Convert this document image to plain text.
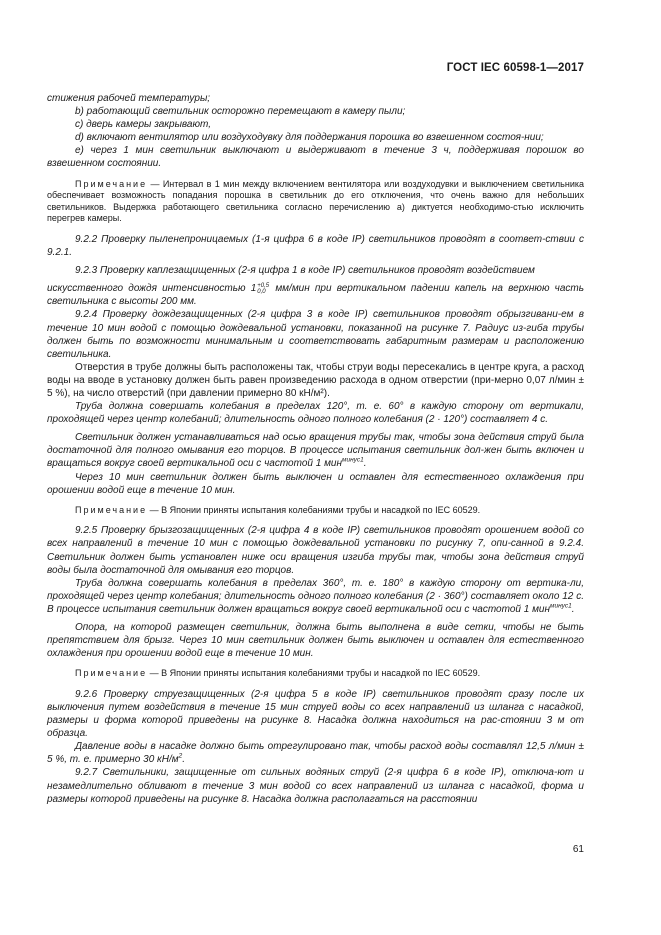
ГОСТ IEC 60598-1—2017

стижения рабочей температуры;

b) работающий светильник осторожно перемещают в камеру пыли;

c) дверь камеры закрывают,

d) включают вентилятор или воздуходувку для поддержания порошка во взвешенном состоя-нии;

e) через 1 мин светильник выключают и выдерживают в течение 3 ч, поддерживая порошок во взвешенном состоянии.

Примечание — Интервал в 1 мин между включением вентилятора или воздуходувки и выключением светильника обеспечивает возможность попадания порошка в светильник до его отключения, что очень важно для небольших светильников. Выдержка работающего светильника согласно перечислению а) диктуется необходимо-стью исключить перегрев камеры.

9.2.2 Проверку пыленепроницаемых (1-я цифра 6 в коде IP) светильников проводят в соответ-ствии с 9.2.1.

9.2.3 Проверку каплезащищенных (2-я цифра 1 в коде IP) светильников проводят воздействием

искусственного дождя интенсивностью 1 +0,5
0,0 мм/мин при вертикальном падении капель на верхнюю часть светильника с высоты 200 мм.

9.2.4 Проверку дождезащищенных (2-я цифра 3 в коде IP) светильников проводят обрызгивани-ем в течение 10 мин водой с помощью дождевальной установки, показанной на рисунке 7. Радиус из-гиба трубы должен быть по возможности минимальным и соответствовать габаритным размерам и расположению светильника.

Отверстия в трубе должны быть расположены так, чтобы струи воды пересекались в центре круга, а расход воды на вводе в установку должен быть равен произведению расхода в одном отверстии (при-мерно 0,07 л/мин ± 5 %), на число отверстий (при давлении примерно 80 кН/м²).

Труба должна совершать колебания в пределах 120°, т. е. 60° в каждую сторону от вертикали, проходящей через центр колебаний; длительность одного полного колебания (2 · 120°) составляет 4 с.

Светильник должен устанавливаться над осью вращения трубы так, чтобы зона действия струй была достаточной для полного омывания его торцов. В процессе испытания светильник дол-жен быть включен и вращаться вокруг своей вертикальной оси с частотой 1 мин$^{минус1}$.

Через 10 мин светильник должен быть выключен и оставлен для естественного охлаждения при орошении водой еще в течение 10 мин.

Примечание — В Японии приняты испытания колебаниями трубы и насадкой по IEC 60529.

9.2.5 Проверку брызгозащищенных (2-я цифра 4 в коде IP) светильников проводят орошением водой со всех направлений в течение 10 мин с помощью дождевальной установки по рисунку 7, опи-санной в 9.2.4. Светильник должен быть установлен ниже оси вращения изгиба трубы так, чтобы зона действия струй воды была достаточной для омывания его торцов.

Труба должна совершать колебания в пределах 360°, т. е. 180° в каждую сторону от вертика-ли, проходящей через центр колебания; длительность одного полного колебания (2 · 360°) составляет около 12 с. В процессе испытания светильник должен вращаться вокруг своей вертикальной оси с частотой 1 мин$^{минус1}$.

Опора, на которой размещен светильник, должна быть выполнена в виде сетки, чтобы не быть препятствием для брызг. Через 10 мин светильник должен быть выключен и оставлен для естественного охлаждения при орошении водой еще в течение 10 мин.

Примечание — В Японии приняты испытания колебаниями трубы и насадкой по IEC 60529.

9.2.6 Проверку струезащищенных (2-я цифра 5 в коде IP) светильников проводят сразу после их выключения путем воздействия в течение 15 мин струей воды со всех направлений из шланга с насадкой, размеры и форма которой приведены на рисунке 8. Насадка должна находиться на рас-стоянии 3 м от образца.

Давление воды в насадке должно быть отрегулировано так, чтобы расход воды составлял 12,5 л/мин ± 5 %, т. е. примерно 30 $кН/м^2$.

9.2.7 Светильники, защищенные от сильных водяных струй (2-я цифра 6 в коде IP), отключа-ют и незамедлительно обливают в течение 3 мин водой со всех направлений из шланга с насадкой, форма и размеры которой приведены на рисунке 8. Насадка должна располагаться на расстоянии

61
